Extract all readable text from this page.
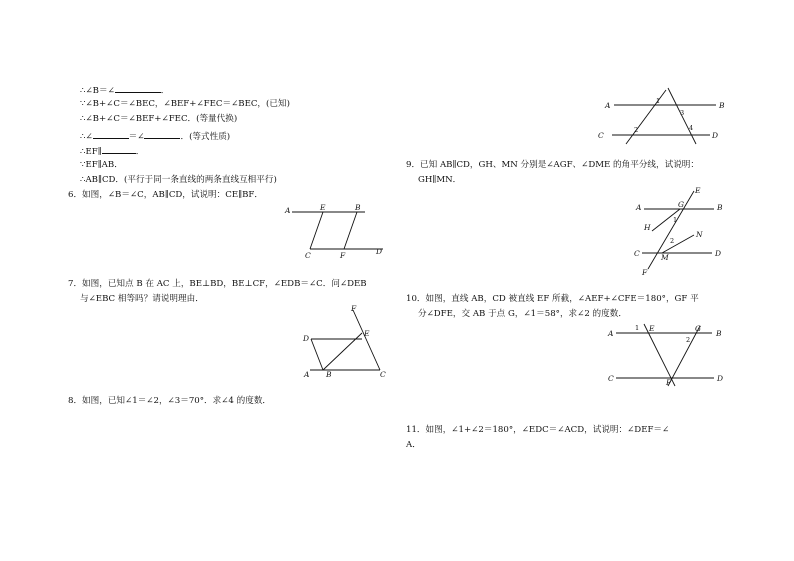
∴∠B＝∠	．
∵∠B+∠C＝∠BEC，∠BEF+∠FEC＝∠BEC，(已知)
∴∠B+∠C＝∠BEF+∠FEC．(等量代换)
∴∠	＝∠	．(等式性质)
∴EF∥	．
∵EF∥AB．
∴AB∥CD．(平行于同一条直线的两条直线互相平行)
6．如图，∠B＝∠C，AB∥CD，试说明：CE∥BF．
A	E	B
C	F	D
7．如图，已知点 B 在 AC 上，BE⊥BD，BE⊥CF，∠EDB＝∠C．问∠DEB
与∠EBC 相等吗？请说明理由．
D
A B	C
E
F
8．如图，已知∠1＝∠2，∠3＝70°．求∠4 的度数．
A	B
C	D
1
2
3
4
9．已知 AB∥CD，GH、MN 分别是∠AGF、∠DME 的角平分线，试说明：
GH∥MN．
A	B
C	D
E
F
G
H
M
N
1
2
10．如图，直线 AB，CD 被直线 EF 所截，∠AEF+∠CFE＝180°，GF 平
分∠DFE，交 AB 于点 G，∠1＝58°，求∠2 的度数．
A	B
C	D
E	G
F
1
2
11．如图，∠1+∠2＝180°，∠EDC＝∠ACD，试说明：∠DEF＝∠
A．
